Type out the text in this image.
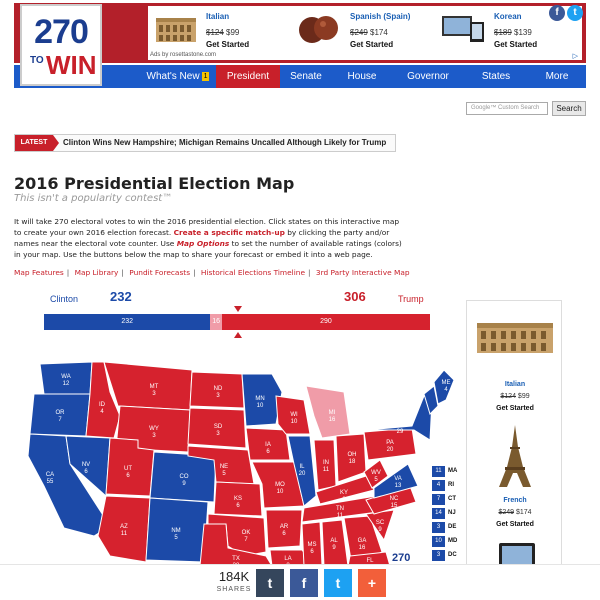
270
TO WIN
Italian
$124 $99
Get Started
Spanish (Spain)
$249 $174
Get Started
Korean
$189 $139
Get Started
Ads by rosettastone.com	▷
Follow	f	t
What's New 1	President	Senate	House	Governor	States	More
Google™ Custom Search	Search
LATEST	Clinton Wins New Hampshire; Michigan Remains Uncalled Although Likely for Trump
2016 Presidential Election Map
This isn't a popularity contest™
It will take 270 electoral votes to win the 2016 presidential election. Click states on this interactive map to create your own 2016 election forecast. Create a specific match-up by clicking the party and/or names near the electoral vote counter. Use Map Options to set the number of available ratings (colors) in your map. Use the buttons below the map to share your forecast or embed it into a web page.
Map Features | Map Library | Pundit Forecasts | Historical Elections Timeline | 3rd Party Interactive Map
Clinton 232	306	Trump
232	16	290
WA
12
OR
7
CA
55
NV
6
ID
4
MT
3
WY
3
UT
6
AZ
11
CO
9
NM
5
ND
3
SD
3
NE
5
KS
6
OK
7
TX
MN
10
IA
6
MO
10
AR
6
LA
WI
10
IL
20
MI
16
IN
11
OH
18
KY
8
TN
11
MS
6
AL
9
GA
16
FL
SC
9
NC
15
VA
13
WV
5
PA
20
NY
29
ME
4
11	MA
4	RI
7	CT
14	NJ
3	DE
10	MD
3	DC
270
Italian
$124 $99
Get Started
French
$249 $174
Get Started
184K
SHARES	t	f	t	+
